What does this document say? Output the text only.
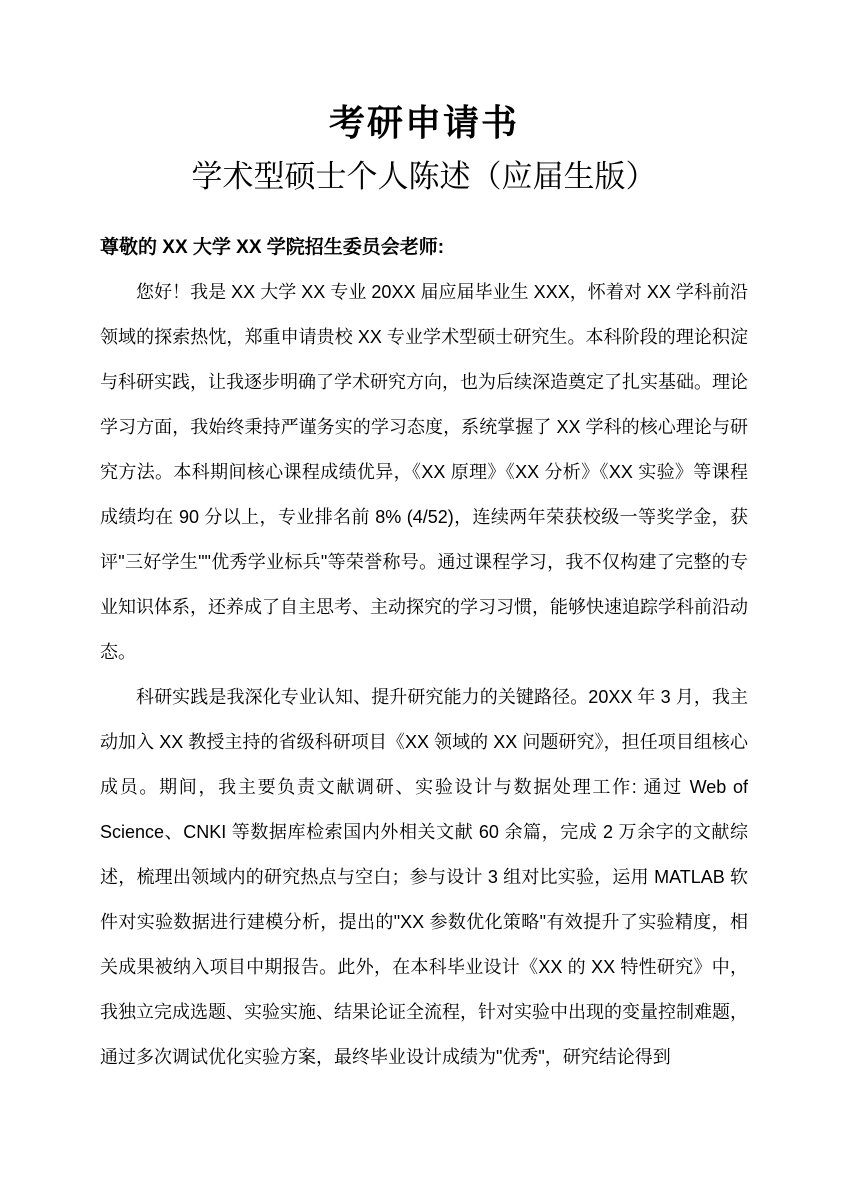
考研申请书
学术型硕士个人陈述（应届生版）

尊敬的 XX 大学 XX 学院招生委员会老师:

您好！我是 XX 大学 XX 专业 20XX 届应届毕业生 XXX，怀着对 XX 学科前沿领域的探索热忱，郑重申请贵校 XX 专业学术型硕士研究生。本科阶段的理论积淀与科研实践，让我逐步明确了学术研究方向，也为后续深造奠定了扎实基础。理论学习方面，我始终秉持严谨务实的学习态度，系统掌握了 XX 学科的核心理论与研究方法。本科期间核心课程成绩优异，《XX 原理》《XX 分析》《XX 实验》等课程成绩均在 90 分以上，专业排名前 8% (4/52)，连续两年荣获校级一等奖学金，获评"三好学生""优秀学业标兵"等荣誉称号。通过课程学习，我不仅构建了完整的专业知识体系，还养成了自主思考、主动探究的学习习惯，能够快速追踪学科前沿动态。

科研实践是我深化专业认知、提升研究能力的关键路径。20XX 年 3 月，我主动加入 XX 教授主持的省级科研项目《XX 领域的 XX 问题研究》，担任项目组核心成员。期间，我主要负责文献调研、实验设计与数据处理工作: 通过 Web of Science、CNKI 等数据库检索国内外相关文献 60 余篇，完成 2 万余字的文献综述，梳理出领域内的研究热点与空白；参与设计 3 组对比实验，运用 MATLAB 软件对实验数据进行建模分析，提出的"XX 参数优化策略"有效提升了实验精度，相关成果被纳入项目中期报告。此外，在本科毕业设计《XX 的 XX 特性研究》中，我独立完成选题、实验实施、结果论证全流程，针对实验中出现的变量控制难题，通过多次调试优化实验方案，最终毕业设计成绩为"优秀"，研究结论得到
